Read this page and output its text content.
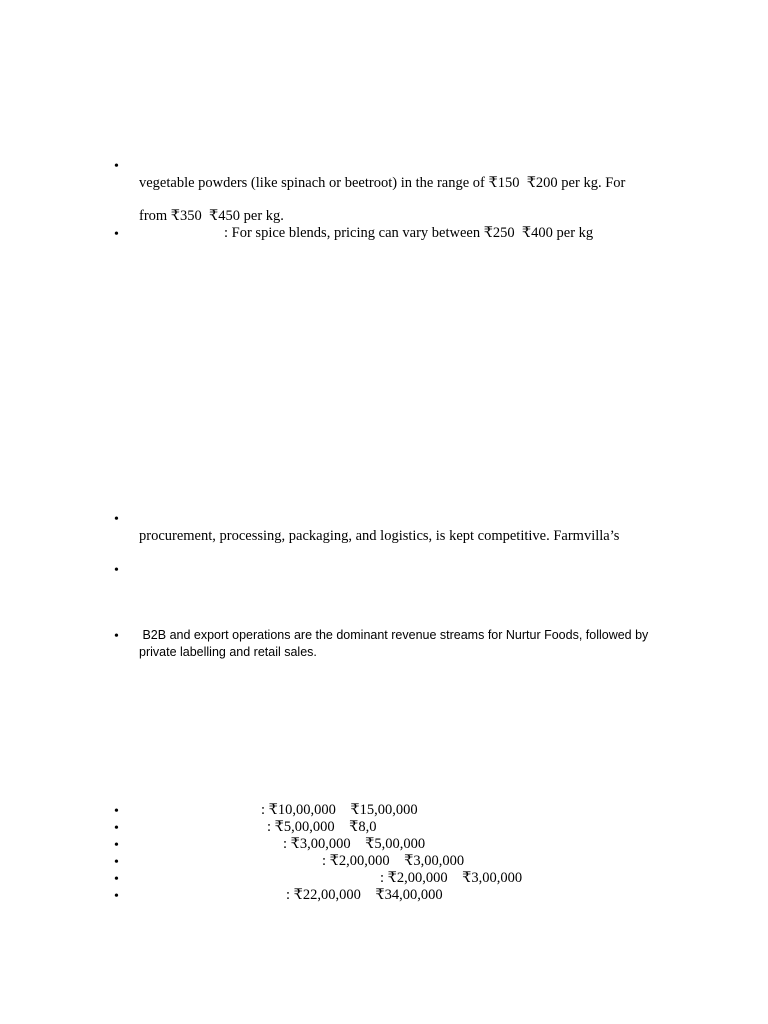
•
vegetable powders (like spinach or beetroot) in the range of ₹150  ₹200 per kg. For
from ₹350  ₹450 per kg.
•	: For spice blends, pricing can vary between ₹250  ₹400 per kg
•
procurement, processing, packaging, and logistics, is kept competitive. Farmvilla’s
•
• B2B and export operations are the dominant revenue streams for Nurtur Foods, followed by
private labelling and retail sales.
•	: ₹10,00,000    ₹15,00,000
•	: ₹5,00,000    ₹8,0
•	: ₹3,00,000    ₹5,00,000
•	: ₹2,00,000    ₹3,00,000
•	: ₹2,00,000    ₹3,00,000
•	: ₹22,00,000    ₹34,00,000
